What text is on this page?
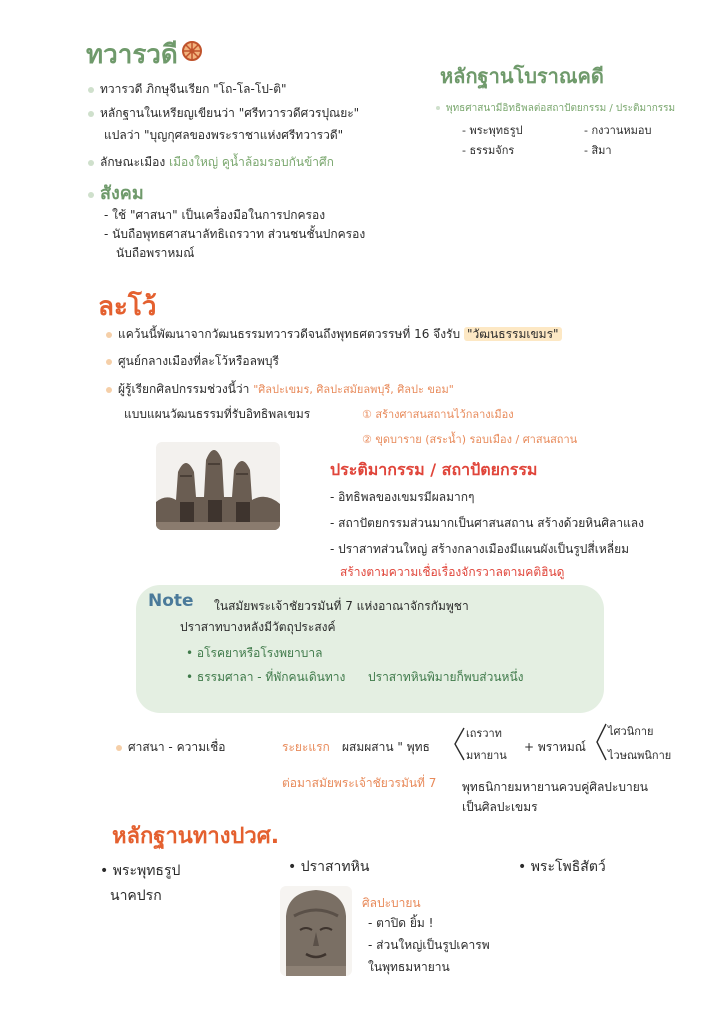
ทวารวดี
ทวารวดี ภิกษุจีนเรียก "โถ-โล-โป-ติ"
หลักฐานในเหรียญเขียนว่า "ศรีทวารวดีศวรปุณยะ"
แปลว่า "บุญกุศลของพระราชาแห่งศรีทวารวดี"
ลักษณะเมือง เมืองใหญ่ คูน้ำล้อมรอบกันข้าศึก
สังคม
- ใช้ "ศาสนา" เป็นเครื่องมือในการปกครอง
- นับถือพุทธศาสนาลัทธิเถรวาท ส่วนชนชั้นปกครอง
นับถือพราหมณ์
หลักฐานโบราณคดี
พุทธศาสนามีอิทธิพลต่อสถาปัตยกรรม / ประติมากรรม
- พระพุทธรูป	- กงวานหมอบ
- ธรรมจักร	- สิมา
ละโว้
แคว้นนี้พัฒนาจากวัฒนธรรมทวารวดีจนถึงพุทธศตวรรษที่ 16 จึงรับ "วัฒนธรรมเขมร"
ศูนย์กลางเมืองที่ละโว้หรือลพบุรี
ผู้รู้เรียกศิลปกรรมช่วงนี้ว่า "ศิลปะเขมร, ศิลปะสมัยลพบุรี, ศิลปะ ขอม"
แบบแผนวัฒนธรรมที่รับอิทธิพลเขมร	① สร้างศาสนสถานไว้กลางเมือง
② ขุดบาราย (สระน้ำ) รอบเมือง / ศาสนสถาน
ประติมากรรม / สถาปัตยกรรม
- อิทธิพลของเขมรมีผลมากๆ
- สถาปัตยกรรมส่วนมากเป็นศาสนสถาน สร้างด้วยหินศิลาแลง
- ปราสาทส่วนใหญ่ สร้างกลางเมืองมีแผนผังเป็นรูปสี่เหลี่ยม
สร้างตามความเชื่อเรื่องจักรวาลตามคติฮินดู
Note ในสมัยพระเจ้าชัยวรมันที่ 7 แห่งอาณาจักรกัมพูชา
ปราสาทบางหลังมีวัตถุประสงค์
• อโรคยาหรือโรงพยาบาล
• ธรรมศาลา - ที่พักคนเดินทาง ปราสาทหินพิมายก็พบส่วนหนึ่ง
ศาสนา - ความเชื่อ	ระยะแรก ผสมผสาน " พุทธ
เถรวาท
มหายาน
+ พราหมณ์
ไศวนิกาย
ไวษณพนิกาย
ต่อมาสมัยพระเจ้าชัยวรมันที่ 7 พุทธนิกายมหายานควบคู่ศิลปะบายน
เป็นศิลปะเขมร
หลักฐานทางปวศ.
• พระพุทธรูป
นาคปรก
• ปราสาทหิน	• พระโพธิสัตว์
ศิลปะบายน
- ตาปิด ยิ้ม !
- ส่วนใหญ่เป็นรูปเคารพ
ในพุทธมหายาน
